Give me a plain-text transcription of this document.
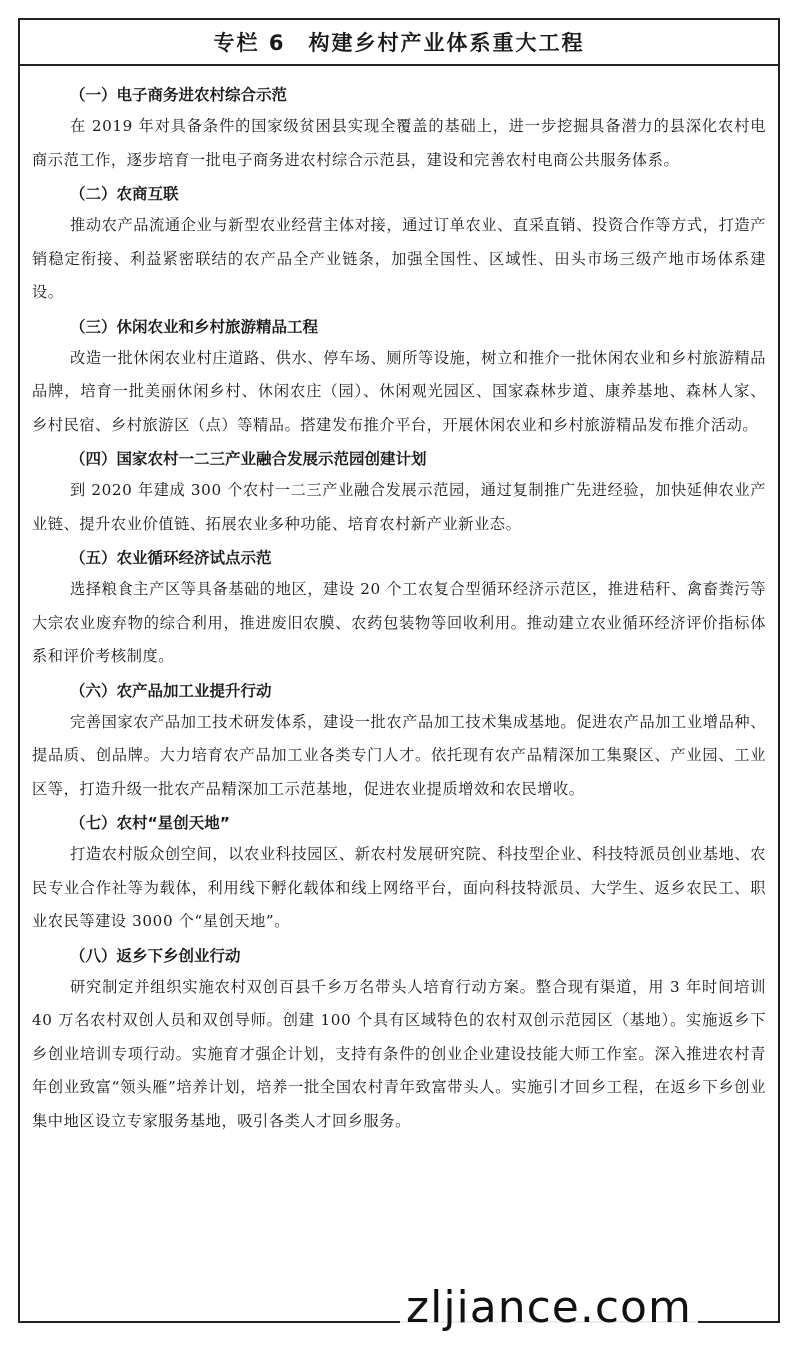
专栏 6　构建乡村产业体系重大工程
（一）电子商务进农村综合示范

在 2019 年对具备条件的国家级贫困县实现全覆盖的基础上，进一步挖掘具备潜力的县深化农村电商示范工作，逐步培育一批电子商务进农村综合示范县，建设和完善农村电商公共服务体系。

（二）农商互联

推动农产品流通企业与新型农业经营主体对接，通过订单农业、直采直销、投资合作等方式，打造产销稳定衔接、利益紧密联结的农产品全产业链条，加强全国性、区域性、田头市场三级产地市场体系建设。

（三）休闲农业和乡村旅游精品工程

改造一批休闲农业村庄道路、供水、停车场、厕所等设施，树立和推介一批休闲农业和乡村旅游精品品牌，培育一批美丽休闲乡村、休闲农庄（园）、休闲观光园区、国家森林步道、康养基地、森林人家、乡村民宿、乡村旅游区（点）等精品。搭建发布推介平台，开展休闲农业和乡村旅游精品发布推介活动。

（四）国家农村一二三产业融合发展示范园创建计划

到 2020 年建成 300 个农村一二三产业融合发展示范园，通过复制推广先进经验，加快延伸农业产业链、提升农业价值链、拓展农业多种功能、培育农村新产业新业态。

（五）农业循环经济试点示范

选择粮食主产区等具备基础的地区，建设 20 个工农复合型循环经济示范区，推进秸秆、禽畜粪污等大宗农业废弃物的综合利用，推进废旧农膜、农药包装物等回收利用。推动建立农业循环经济评价指标体系和评价考核制度。

（六）农产品加工业提升行动

完善国家农产品加工技术研发体系，建设一批农产品加工技术集成基地。促进农产品加工业增品种、提品质、创品牌。大力培育农产品加工业各类专门人才。依托现有农产品精深加工集聚区、产业园、工业区等，打造升级一批农产品精深加工示范基地，促进农业提质增效和农民增收。

（七）农村“星创天地”

打造农村版众创空间，以农业科技园区、新农村发展研究院、科技型企业、科技特派员创业基地、农民专业合作社等为载体，利用线下孵化载体和线上网络平台，面向科技特派员、大学生、返乡农民工、职业农民等建设 3000 个“星创天地”。

（八）返乡下乡创业行动

研究制定并组织实施农村双创百县千乡万名带头人培育行动方案。整合现有渠道，用 3 年时间培训 40 万名农村双创人员和双创导师。创建 100 个具有区域特色的农村双创示范园区（基地）。实施返乡下乡创业培训专项行动。实施育才强企计划，支持有条件的创业企业建设技能大师工作室。深入推进农村青年创业致富“领头雁”培养计划，培养一批全国农村青年致富带头人。实施引才回乡工程，在返乡下乡创业集中地区设立专家服务基地，吸引各类人才回乡服务。

zljiance.com
